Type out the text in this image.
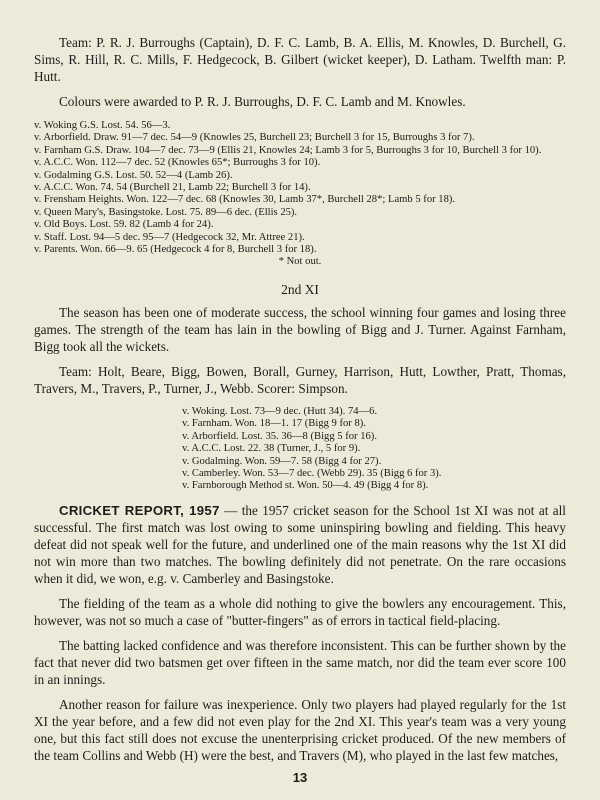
Team: P. R. J. Burroughs (Captain), D. F. C. Lamb, B. A. Ellis, M. Knowles, D. Burchell, G. Sims, R. Hill, R. C. Mills, F. Hedgecock, B. Gilbert (wicket keeper), D. Latham. Twelfth man: P. Hutt.

Colours were awarded to P. R. J. Burroughs, D. F. C. Lamb and M. Knowles.

v. Woking G.S. Lost. 54. 56—3.
v. Arborfield. Draw. 91—7 dec. 54—9 (Knowles 25, Burchell 23; Burchell 3 for 15, Burroughs 3 for 7).
v. Farnham G.S. Draw. 104—7 dec. 73—9 (Ellis 21, Knowles 24; Lamb 3 for 5, Burroughs 3 for 10, Burchell 3 for 10).
v. A.C.C. Won. 112—7 dec. 52 (Knowles 65*; Burroughs 3 for 10).
v. Godalming G.S. Lost. 50. 52—4 (Lamb 26).
v. A.C.C. Won. 74. 54 (Burchell 21, Lamb 22; Burchell 3 for 14).
v. Frensham Heights. Won. 122—7 dec. 68 (Knowles 30, Lamb 37*, Burchell 28*; Lamb 5 for 18).
v. Queen Mary's, Basingstoke. Lost. 75. 89—6 dec. (Ellis 25).
v. Old Boys. Lost. 59. 82 (Lamb 4 for 24).
v. Staff. Lost. 94—5 dec. 95—7 (Hedgecock 32, Mr. Attree 21).
v. Parents. Won. 66—9. 65 (Hedgecock 4 for 8, Burchell 3 for 18).

* Not out.

2nd XI

The season has been one of moderate success, the school winning four games and losing three games. The strength of the team has lain in the bowling of Bigg and J. Turner. Against Farnham, Bigg took all the wickets.

Team: Holt, Beare, Bigg, Bowen, Borall, Gurney, Harrison, Hutt, Lowther, Pratt, Thomas, Travers, M., Travers, P., Turner, J., Webb. Scorer: Simpson.

v. Woking. Lost. 73—9 dec. (Hutt 34). 74—6.
v. Farnham. Won. 18—1. 17 (Bigg 9 for 8).
v. Arborfield. Lost. 35. 36—8 (Bigg 5 for 16).
v. A.C.C. Lost. 22. 38 (Turner, J., 5 for 9).
v. Godalming. Won. 59—7. 58 (Bigg 4 for 27).
v. Camberley. Won. 53—7 dec. (Webb 29). 35 (Bigg 6 for 3).
v. Farnborough Method st. Won. 50—4. 49 (Bigg 4 for 8).

CRICKET REPORT, 1957 — the 1957 cricket season for the School 1st XI was not at all successful. The first match was lost owing to some uninspiring bowling and fielding. This heavy defeat did not speak well for the future, and underlined one of the main reasons why the 1st XI did not win more than two matches. The bowling definitely did not penetrate. On the rare occasions when it did, we won, e.g. v. Camberley and Basingstoke.

The fielding of the team as a whole did nothing to give the bowlers any encouragement. This, however, was not so much a case of "butter-fingers" as of errors in tactical field-placing.

The batting lacked confidence and was therefore inconsistent. This can be further shown by the fact that never did two batsmen get over fifteen in the same match, nor did the team ever score 100 in an innings.

Another reason for failure was inexperience. Only two players had played regularly for the 1st XI the year before, and a few did not even play for the 2nd XI. This year's team was a very young one, but this fact still does not excuse the unenterprising cricket produced. Of the new members of the team Collins and Webb (H) were the best, and Travers (M), who played in the last few matches,

13
